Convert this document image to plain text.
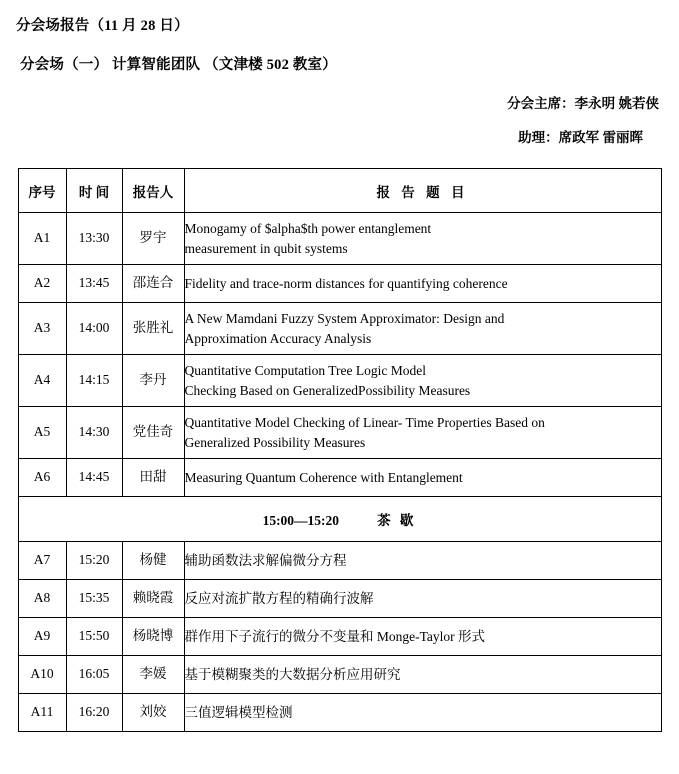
分会场报告（11 月 28 日）
分会场（一） 计算智能团队 （文津楼 502 教室）
分会主席：李永明 姚若侠
助理：席政军 雷丽晖
序号	时 间	报告人	报 告 题 目
A1	13:30	罗宇	Monogamy of $alpha$th power entanglement
measurement in qubit systems

A2	13:45	邵连合	Fidelity and trace-norm distances for quantifying coherence

A3	14:00	张胜礼	A New Mamdani Fuzzy System Approximator: Design and
Approximation Accuracy Analysis

A4	14:15	李丹	Quantitative Computation Tree Logic Model
Checking Based on GeneralizedPossibility Measures

A5	14:30	党佳奇	Quantitative Model Checking of Linear- Time Properties Based on
Generalized Possibility Measures

A6	14:45	田甜	Measuring Quantum Coherence with Entanglement

15:00—15:20 茶 歇			
A7	15:20	杨健	辅助函数法求解偏微分方程

A8	15:35	赖晓霞	反应对流扩散方程的精确行波解

A9	15:50	杨晓博	群作用下子流行的微分不变量和 Monge-Taylor 形式

A10	16:05	李媛	基于模糊聚类的大数据分析应用研究

A11	16:20	刘姣	三值逻辑模型检测
